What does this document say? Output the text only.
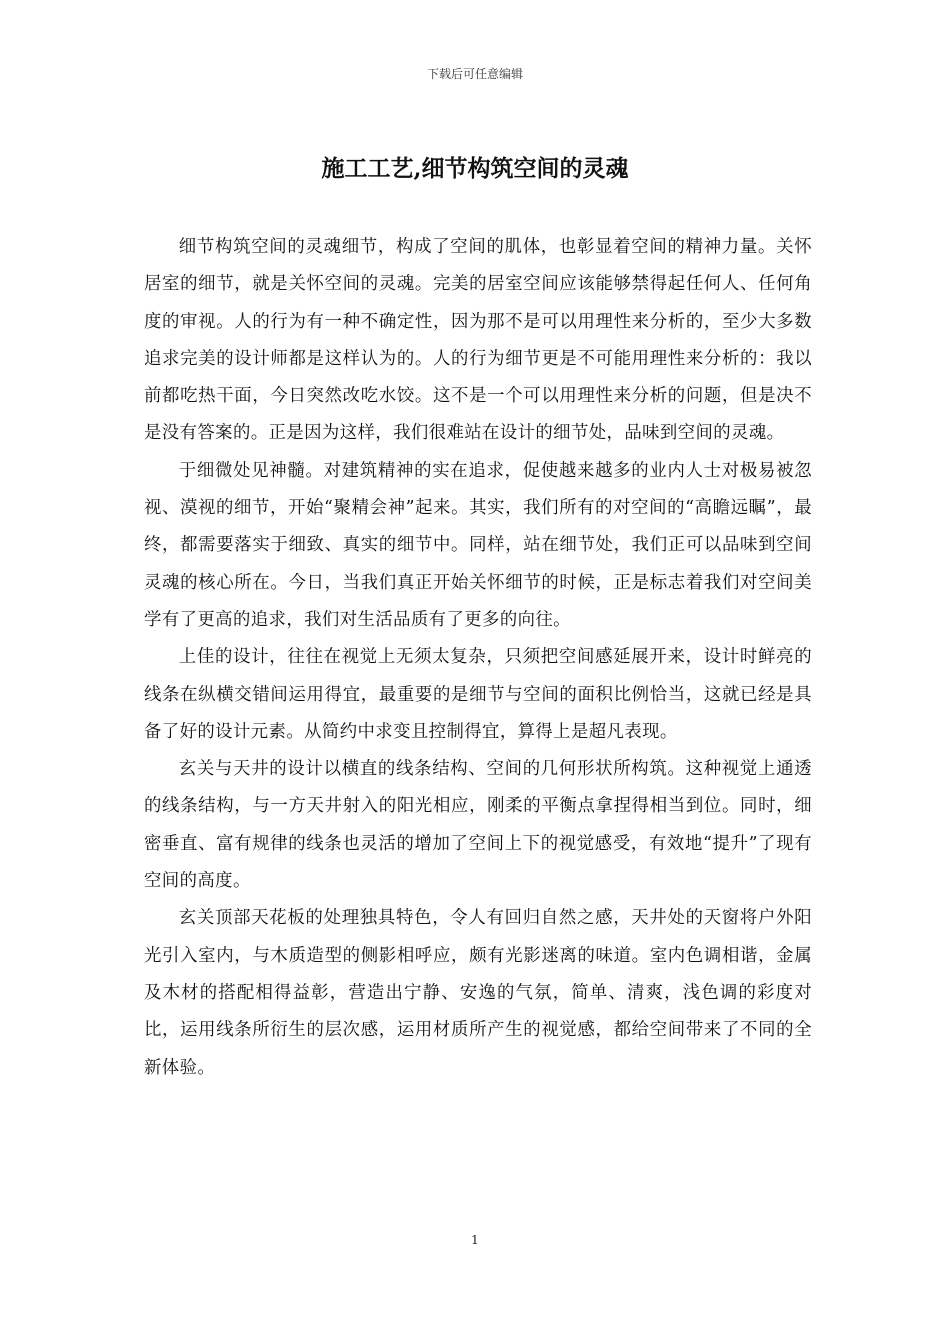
下载后可任意编辑
施工工艺,细节构筑空间的灵魂

细节构筑空间的灵魂细节，构成了空间的肌体，也彰显着空间的精神力量。关怀居室的细节，就是关怀空间的灵魂。完美的居室空间应该能够禁得起任何人、任何角度的审视。人的行为有一种不确定性，因为那不是可以用理性来分析的，至少大多数追求完美的设计师都是这样认为的。人的行为细节更是不可能用理性来分析的：我以前都吃热干面，今日突然改吃水饺。这不是一个可以用理性来分析的问题，但是决不是没有答案的。正是因为这样，我们很难站在设计的细节处，品味到空间的灵魂。

于细微处见神髓。对建筑精神的实在追求，促使越来越多的业内人士对极易被忽视、漠视的细节，开始“聚精会神”起来。其实，我们所有的对空间的“高瞻远瞩”，最终，都需要落实于细致、真实的细节中。同样，站在细节处，我们正可以品味到空间灵魂的核心所在。今日，当我们真正开始关怀细节的时候，正是标志着我们对空间美学有了更高的追求，我们对生活品质有了更多的向往。

上佳的设计，往往在视觉上无须太复杂，只须把空间感延展开来，设计时鲜亮的线条在纵横交错间运用得宜，最重要的是细节与空间的面积比例恰当，这就已经是具备了好的设计元素。从简约中求变且控制得宜，算得上是超凡表现。

玄关与天井的设计以横直的线条结构、空间的几何形状所构筑。这种视觉上通透的线条结构，与一方天井射入的阳光相应，刚柔的平衡点拿捏得相当到位。同时，细密垂直、富有规律的线条也灵活的增加了空间上下的视觉感受，有效地“提升”了现有空间的高度。

玄关顶部天花板的处理独具特色，令人有回归自然之感，天井处的天窗将户外阳光引入室内，与木质造型的侧影相呼应，颇有光影迷离的味道。室内色调相谐，金属及木材的搭配相得益彰，营造出宁静、安逸的气氛，简单、清爽，浅色调的彩度对比，运用线条所衍生的层次感，运用材质所产生的视觉感，都给空间带来了不同的全新体验。

1
